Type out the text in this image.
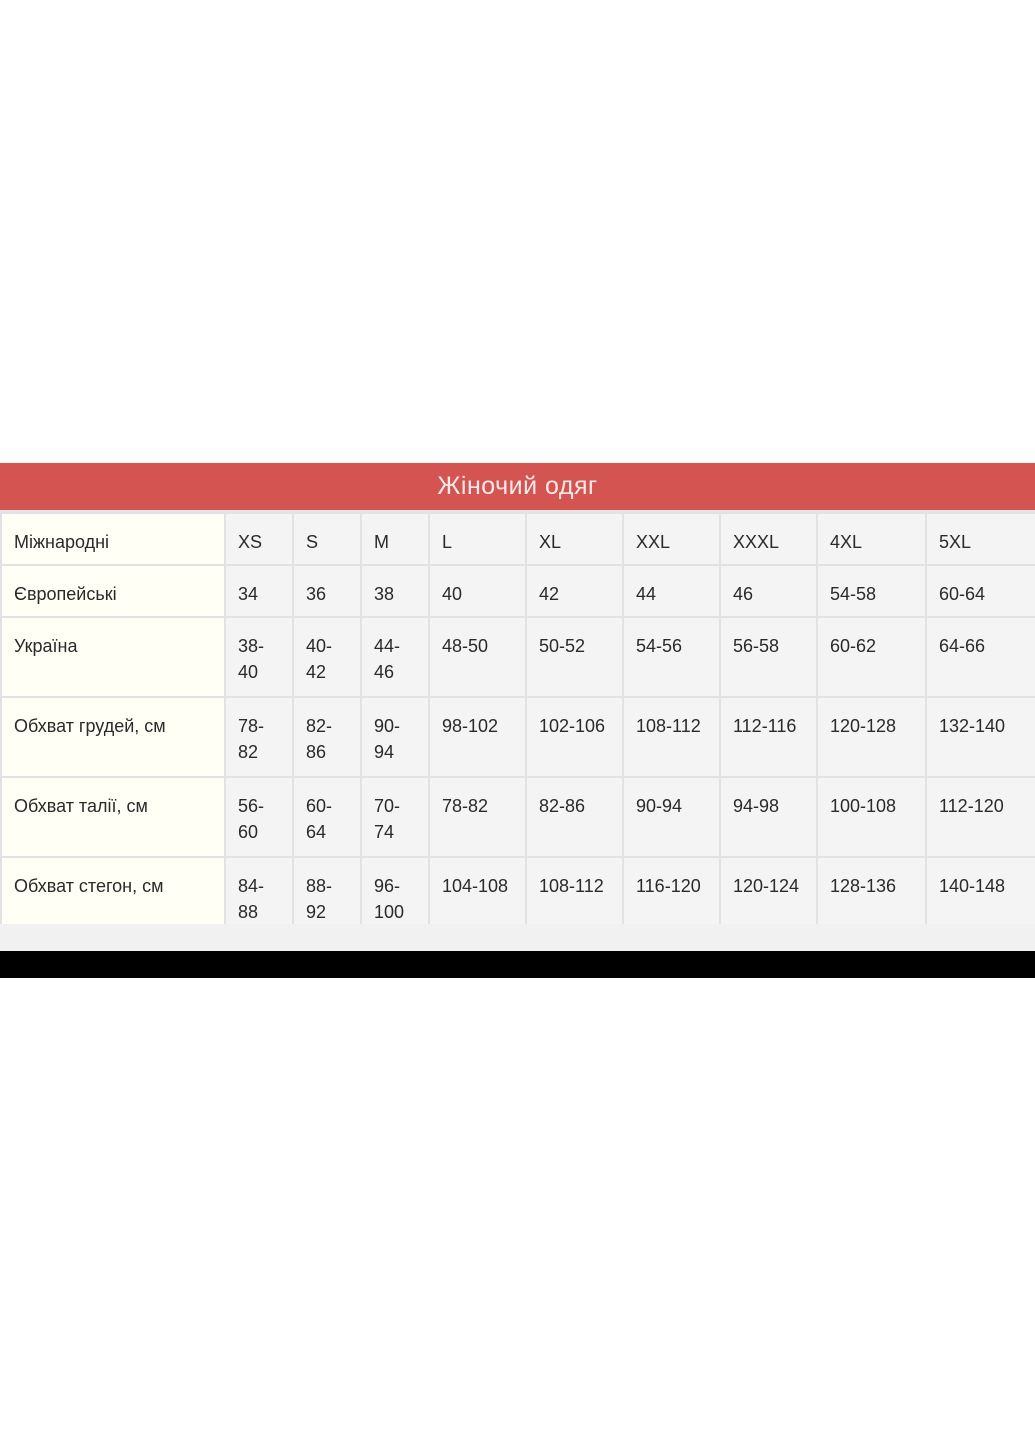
Жіночий одяг
Міжнародні	XS	S	M	L	XL	XXL	XXXL	4XL	5XL
Європейські	34	36	38	40	42	44	46	54-58	60-64
Україна	38-40	40-42	44-46	48-50	50-52	54-56	56-58	60-62	64-66
Обхват грудей, см	78-82	82-86	90-94	98-102	102-106	108-112	112-116	120-128	132-140
Обхват талії, см	56-60	60-64	70-74	78-82	82-86	90-94	94-98	100-108	112-120
Обхват стегон, см	84-88	88-92	96-100	104-108	108-112	116-120	120-124	128-136	140-148
